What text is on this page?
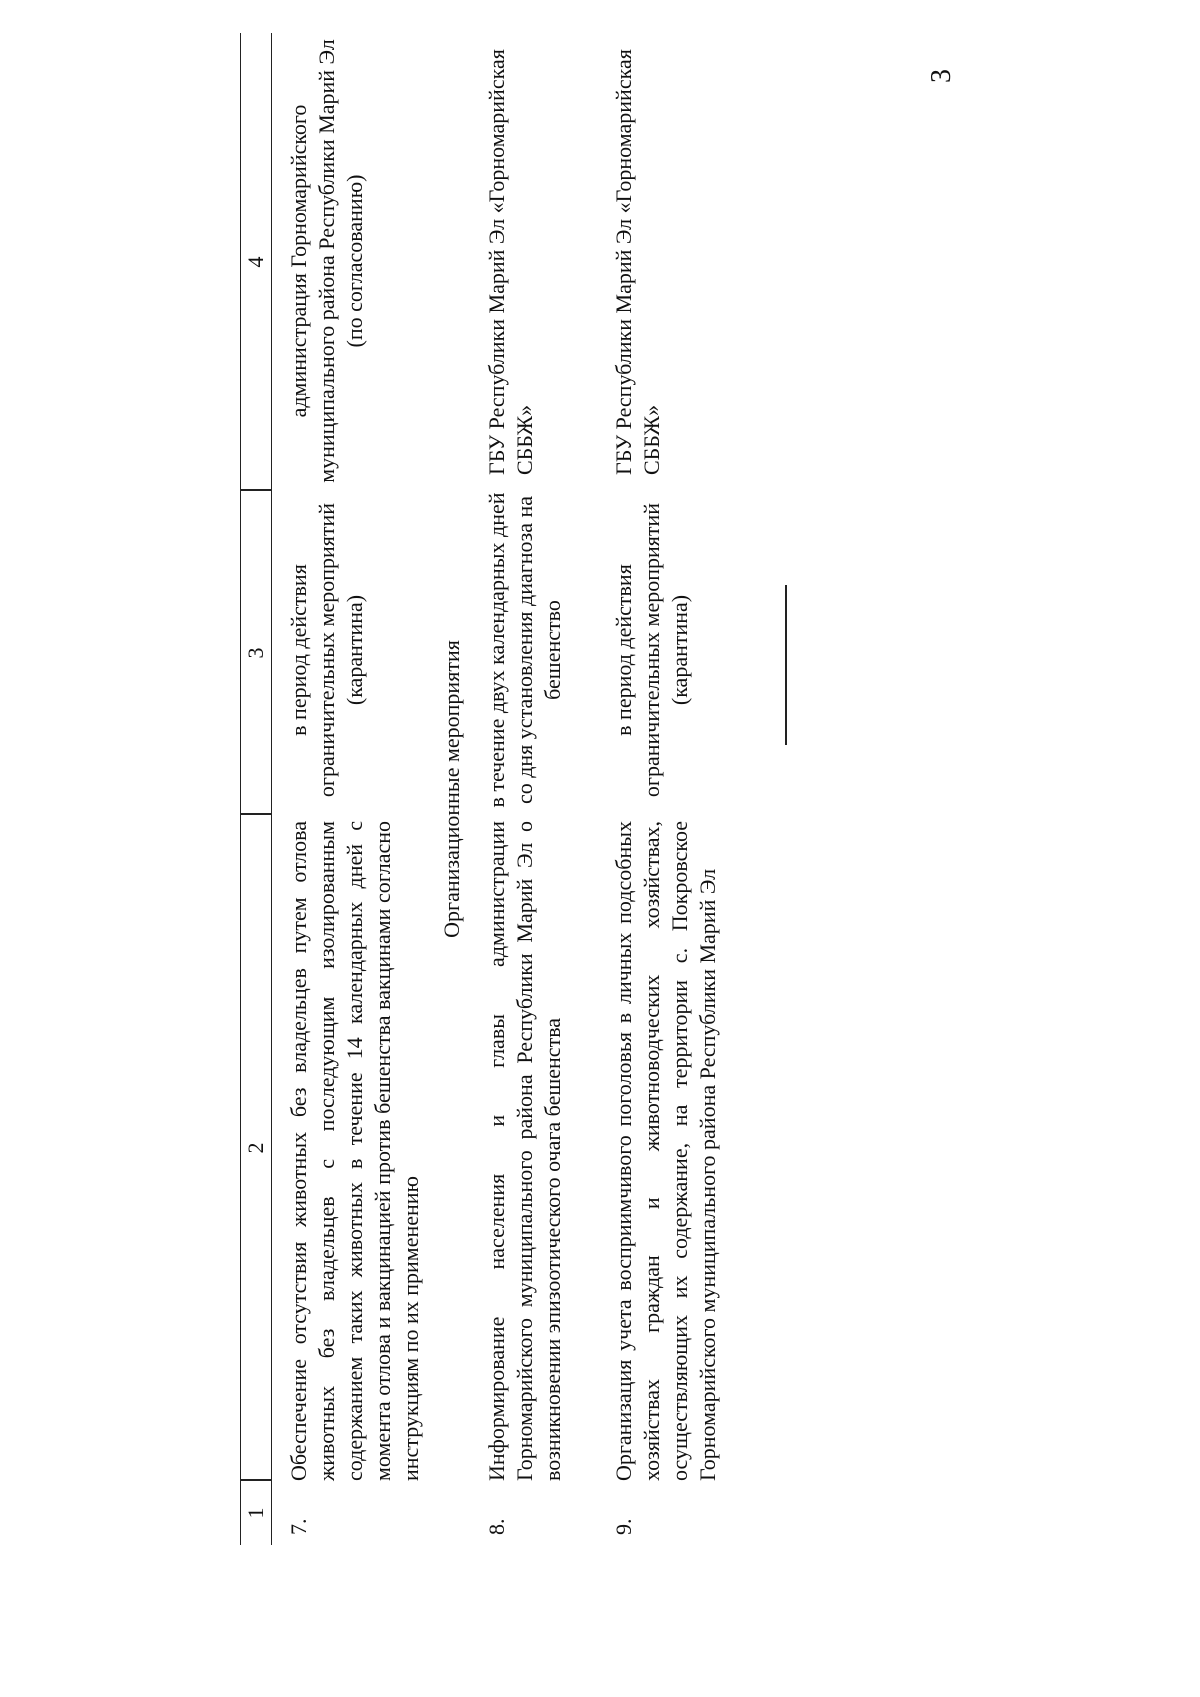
3
1
2
3
4
7.
Обеспечение отсутствия животных без владельцев путем отлова животных без владельцев с последующим изолированным содержанием таких животных в течение 14 календарных дней с момента отлова и вакцинацией против бешенства вакцинами согласно инструкциям по их применению
в период действия ограничительных мероприятий (карантина)
администрация Горномарийского муниципального района Республики Марий Эл (по согласованию)
Организационные мероприятия
8.
Информирование населения и главы администрации Горномарийского муниципального района Республики Марий Эл о возникновении эпизоотического очага бешенства
в течение двух календарных дней со дня установления диагноза на бешенство
ГБУ Республики Марий Эл «Горномарийская СББЖ»
9.
Организация учета восприимчивого поголовья в личных подсобных хозяйствах граждан и животноводческих хозяйствах, осуществляющих их содержание, на территории с. Покровское Горномарийского муниципального района Республики Марий Эл
в период действия ограничительных мероприятий (карантина)
ГБУ Республики Марий Эл «Горномарийская СББЖ»
